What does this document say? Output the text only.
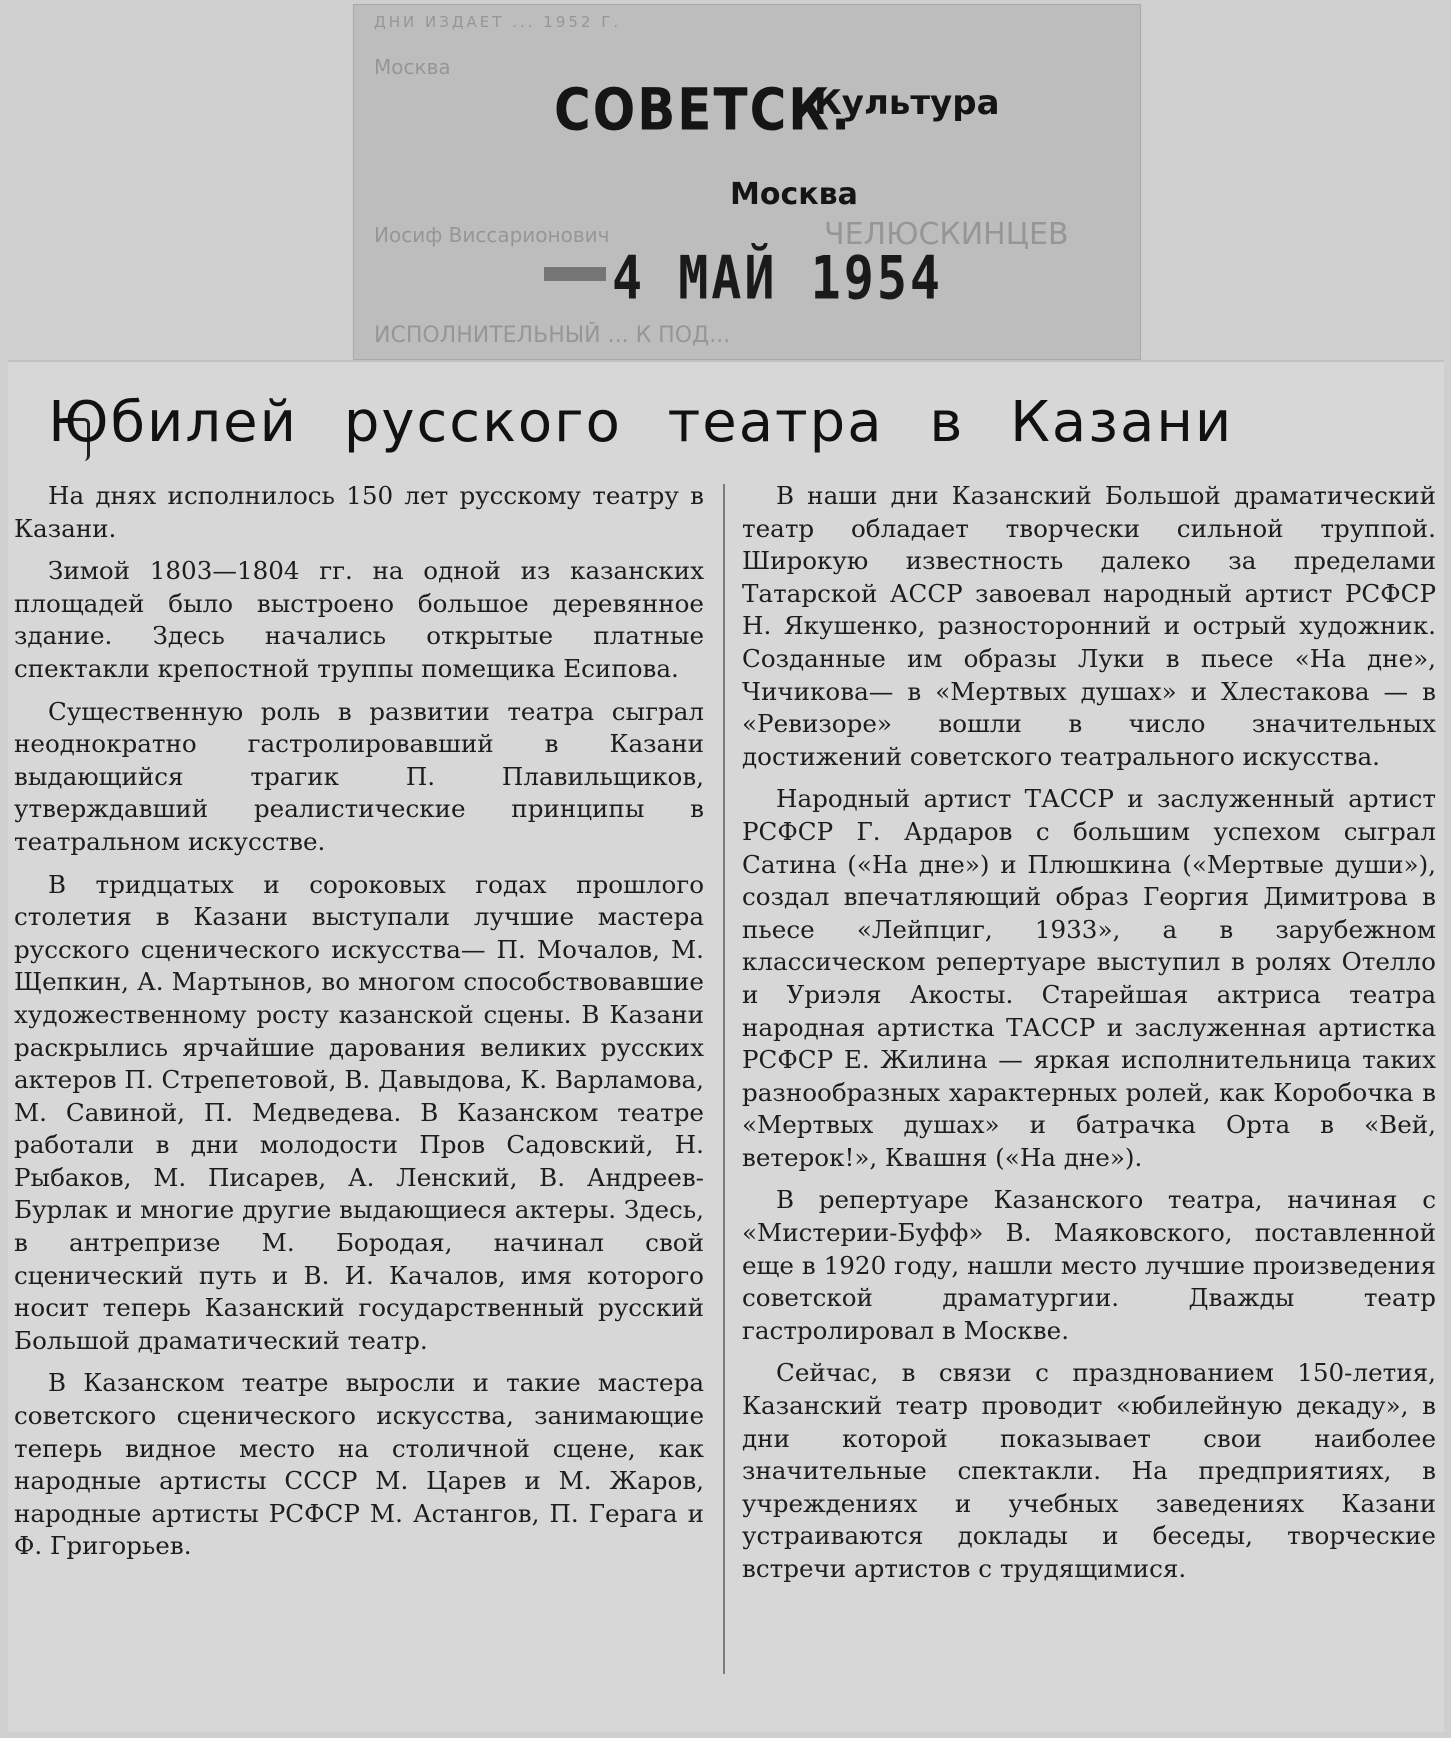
ДНИ ИЗДАЕТ ... 1952 Г.
Москва
Иосиф Виссарионович	ЧЕЛЮСКИНЦЕВ
ИСПОЛНИТЕЛЬНЫЙ ... К ПОД...
СОВЕТСК.
Культура
Москва
4 МАЙ 1954
Юбилей русского театра в Казани

На днях исполнилось 150 лет русскому театру в Казани.

Зимой 1803—1804 гг. на одной из казанских площадей было выстроено большое деревянное здание. Здесь начались открытые платные спектакли крепостной труппы помещика Есипова.

Существенную роль в развитии театра сыграл неоднократно гастролировавший в Казани выдающийся трагик П. Плавильщиков, утверждавший реалистические принципы в театральном искусстве.

В тридцатых и сороковых годах прошлого столетия в Казани выступали лучшие мастера русского сценического искусства— П. Мочалов, М. Щепкин, А. Мартынов, во многом способствовавшие художественному росту казанской сцены. В Казани раскрылись ярчайшие дарования великих русских актеров П. Стрепетовой, В. Давыдова, К. Варламова, М. Савиной, П. Медведева. В Казанском театре работали в дни молодости Пров Садовский, Н. Рыбаков, М. Писарев, А. Ленский, В. Андреев-Бурлак и многие другие выдающиеся актеры. Здесь, в антрепризе М. Бородая, начинал свой сценический путь и В. И. Качалов, имя которого носит теперь Казанский государственный русский Большой драматический театр.

В Казанском театре выросли и такие мастера советского сценического искусства, занимающие теперь видное место на столичной сцене, как народные артисты СССР М. Царев и М. Жаров, народные артисты РСФСР М. Астангов, П. Герага и Ф. Григорьев.

В наши дни Казанский Большой драматический театр обладает творчески сильной труппой. Широкую известность далеко за пределами Татарской АССР завоевал народный артист РСФСР Н. Якушенко, разносторонний и острый художник. Созданные им образы Луки в пьесе «На дне», Чичикова— в «Мертвых душах» и Хлестакова — в «Ревизоре» вошли в число значительных достижений советского театрального искусства.

Народный артист ТАССР и заслуженный артист РСФСР Г. Ардаров с большим успехом сыграл Сатина («На дне») и Плюшкина («Мертвые души»), создал впечатляющий образ Георгия Димитрова в пьесе «Лейпциг, 1933», а в зарубежном классическом репертуаре выступил в ролях Отелло и Уриэля Акосты. Старейшая актриса театра народная артистка ТАССР и заслуженная артистка РСФСР Е. Жилина — яркая исполнительница таких разнообразных характерных ролей, как Коробочка в «Мертвых душах» и батрачка Орта в «Вей, ветерок!», Квашня («На дне»).

В репертуаре Казанского театра, начиная с «Мистерии-Буфф» В. Маяковского, поставленной еще в 1920 году, нашли место лучшие произведения советской драматургии. Дважды театр гастролировал в Москве.

Сейчас, в связи с празднованием 150-летия, Казанский театр проводит «юбилейную декаду», в дни которой показывает свои наиболее значительные спектакли. На предприятиях, в учреждениях и учебных заведениях Казани устраиваются доклады и беседы, творческие встречи артистов с трудящимися.
